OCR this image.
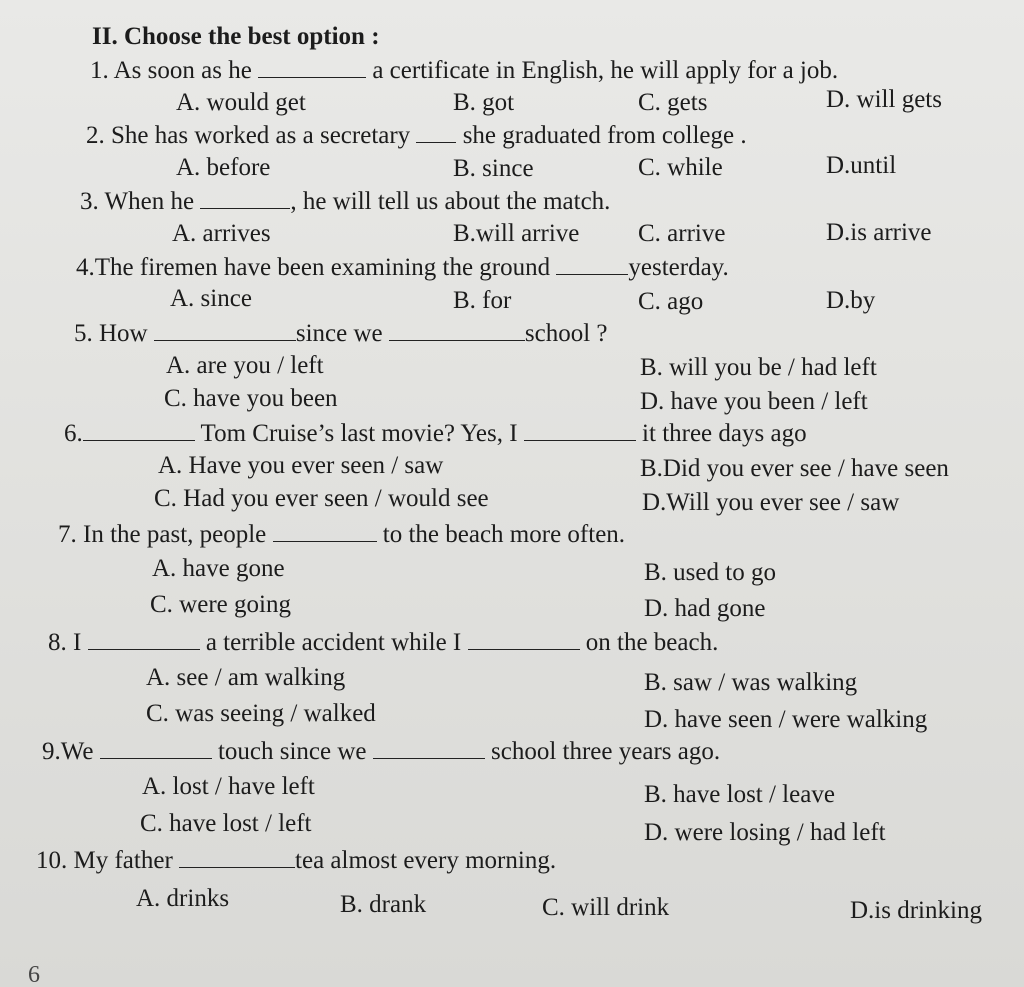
II. Choose the best option :
1. As soon as he	a certificate in English, he will apply for a job.
A. would get	B. got	C. gets	D. will gets
2. She has worked as a secretary  she graduated from college .
A. before	B. since	C. while	D.until
3. When he	, he will tell us about the match.
A. arrives	B.will arrive C. arrive	D.is arrive
4.The firemen have been examining the ground	yesterday.
A. since	B. for	C. ago	D.by
5. How	since we	school ?
A. are you / left	B. will you be / had left
C. have you been	D. have you been / left
6.	Tom Cruise’s last movie? Yes, I	it three days ago
A. Have you ever seen / saw	B.Did you ever see / have seen
C. Had you ever seen / would see	D.Will you ever see / saw
7. In the past, people	to the beach more often.
A. have gone	B. used to go
C. were going	D. had gone
8. I	a terrible accident while I	on the beach.
A. see / am walking	B. saw / was walking
C. was seeing / walked	D. have seen / were walking
9.We	touch since we	school three years ago.
A. lost / have left	B. have lost / leave
C. have lost / left	D. were losing / had left
10. My father	tea almost every morning.
A. drinks	B. drank	C. will drink	D.is drinking
6
